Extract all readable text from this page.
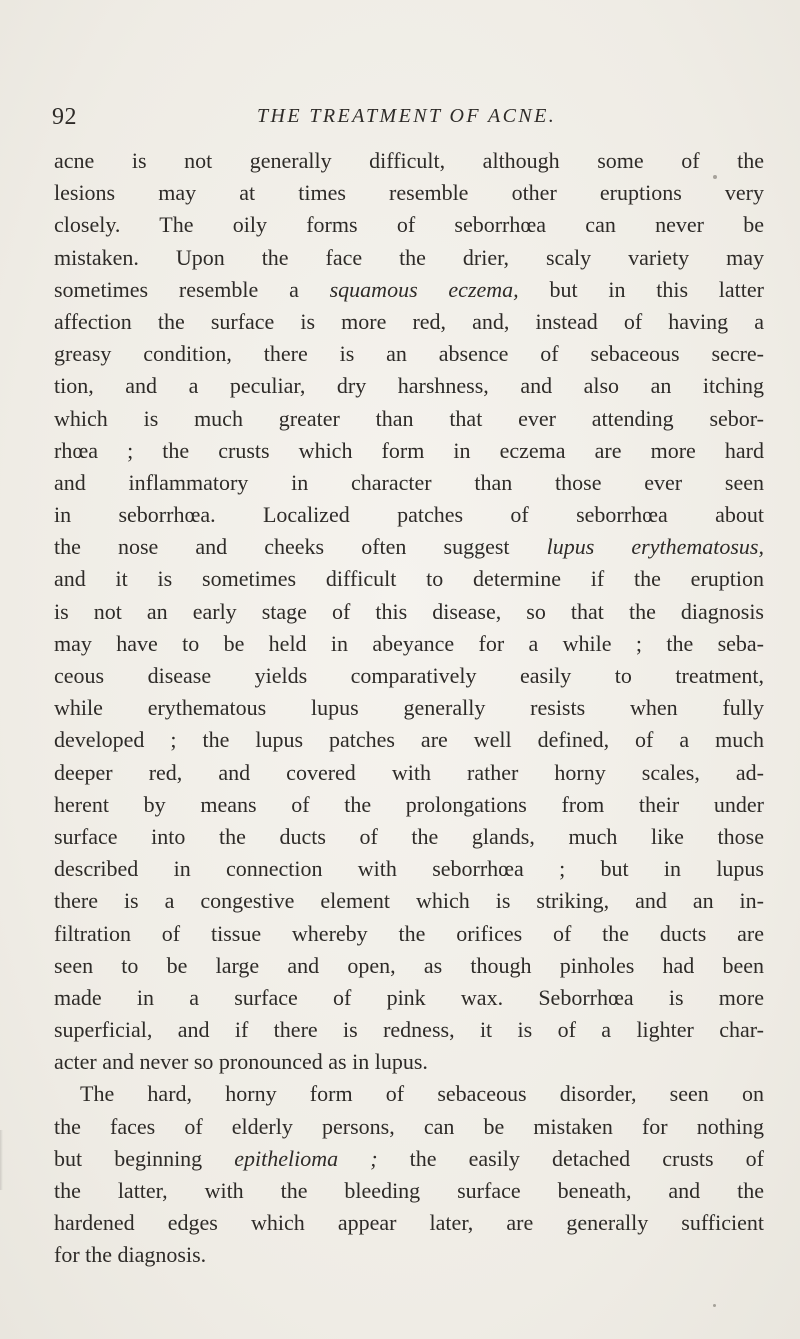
92	THE TREATMENT OF ACNE.
acne is not generally difficult, although some of the
lesions may at times resemble other eruptions very
closely. The oily forms of seborrhœa can never be
mistaken. Upon the face the drier, scaly variety may
sometimes resemble a squamous eczema, but in this latter
affection the surface is more red, and, instead of having a
greasy condition, there is an absence of sebaceous secre-
tion, and a peculiar, dry harshness, and also an itching
which is much greater than that ever attending sebor-
rhœa ; the crusts which form in eczema are more hard
and inflammatory in character than those ever seen
in seborrhœa. Localized patches of seborrhœa about
the nose and cheeks often suggest lupus erythematosus,
and it is sometimes difficult to determine if the eruption
is not an early stage of this disease, so that the diagnosis
may have to be held in abeyance for a while ; the seba-
ceous disease yields comparatively easily to treatment,
while erythematous lupus generally resists when fully
developed ; the lupus patches are well defined, of a much
deeper red, and covered with rather horny scales, ad-
herent by means of the prolongations from their under
surface into the ducts of the glands, much like those
described in connection with seborrhœa ; but in lupus
there is a congestive element which is striking, and an in-
filtration of tissue whereby the orifices of the ducts are
seen to be large and open, as though pinholes had been
made in a surface of pink wax. Seborrhœa is more
superficial, and if there is redness, it is of a lighter char-
acter and never so pronounced as in lupus.
The hard, horny form of sebaceous disorder, seen on
the faces of elderly persons, can be mistaken for nothing
but beginning epithelioma ; the easily detached crusts of
the latter, with the bleeding surface beneath, and the
hardened edges which appear later, are generally sufficient
for the diagnosis.
